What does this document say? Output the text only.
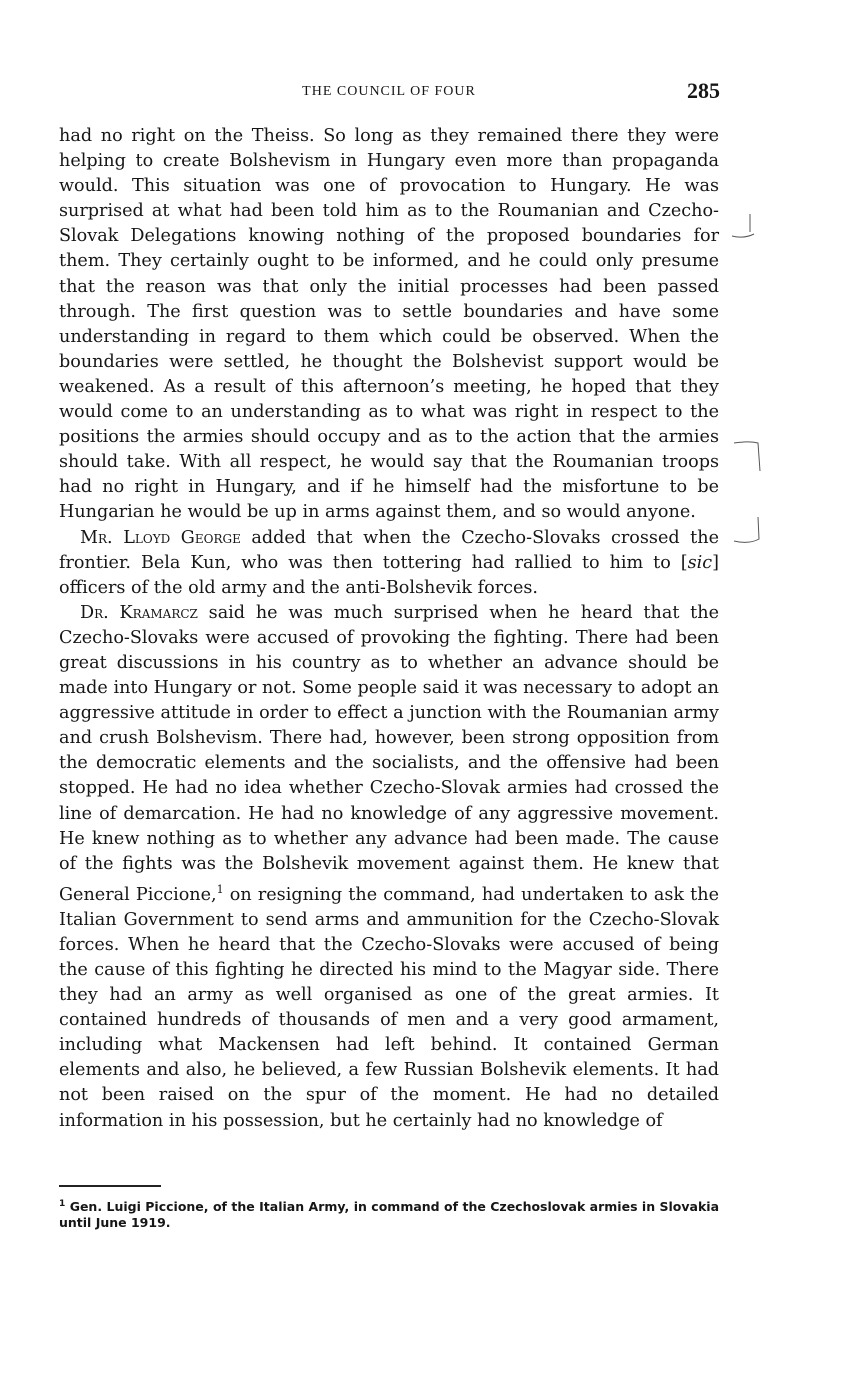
THE COUNCIL OF FOUR	285

had no right on the Theiss. So long as they remained there they were helping to create Bolshevism in Hungary even more than propaganda would. This situation was one of provocation to Hungary. He was surprised at what had been told him as to the Roumanian and Czecho-Slovak Delegations knowing nothing of the proposed boundaries for them. They certainly ought to be informed, and he could only presume that the reason was that only the initial processes had been passed through. The first question was to settle boundaries and have some understanding in regard to them which could be observed. When the boundaries were settled, he thought the Bolshevist support would be weakened. As a result of this afternoon’s meeting, he hoped that they would come to an understanding as to what was right in respect to the positions the armies should occupy and as to the action that the armies should take. With all respect, he would say that the Roumanian troops had no right in Hungary, and if he himself had the misfortune to be Hungarian he would be up in arms against them, and so would anyone.

Mr. Lloyd George added that when the Czecho-Slovaks crossed the frontier. Bela Kun, who was then tottering had rallied to him to [sic] officers of the old army and the anti-Bolshevik forces.

Dr. Kramarcz said he was much surprised when he heard that the Czecho-Slovaks were accused of provoking the fighting. There had been great discussions in his country as to whether an advance should be made into Hungary or not. Some people said it was necessary to adopt an aggressive attitude in order to effect a junction with the Roumanian army and crush Bolshevism. There had, however, been strong opposition from the democratic elements and the socialists, and the offensive had been stopped. He had no idea whether Czecho-Slovak armies had crossed the line of demarcation. He had no knowledge of any aggressive movement. He knew nothing as to whether any advance had been made. The cause of the fights was the Bolshevik movement against them. He knew that General Piccione,$^1$ on resigning the command, had undertaken to ask the Italian Government to send arms and ammunition for the Czecho-Slovak forces. When he heard that the Czecho-Slovaks were accused of being the cause of this fighting he directed his mind to the Magyar side. There they had an army as well organised as one of the great armies. It contained hundreds of thousands of men and a very good armament, including what Mackensen had left behind. It contained German elements and also, he believed, a few Russian Bolshevik elements. It had not been raised on the spur of the moment. He had no detailed information in his possession, but he certainly had no knowledge of

$^1$ Gen. Luigi Piccione, of the Italian Army, in command of the Czechoslovak armies in Slovakia until June 1919.
